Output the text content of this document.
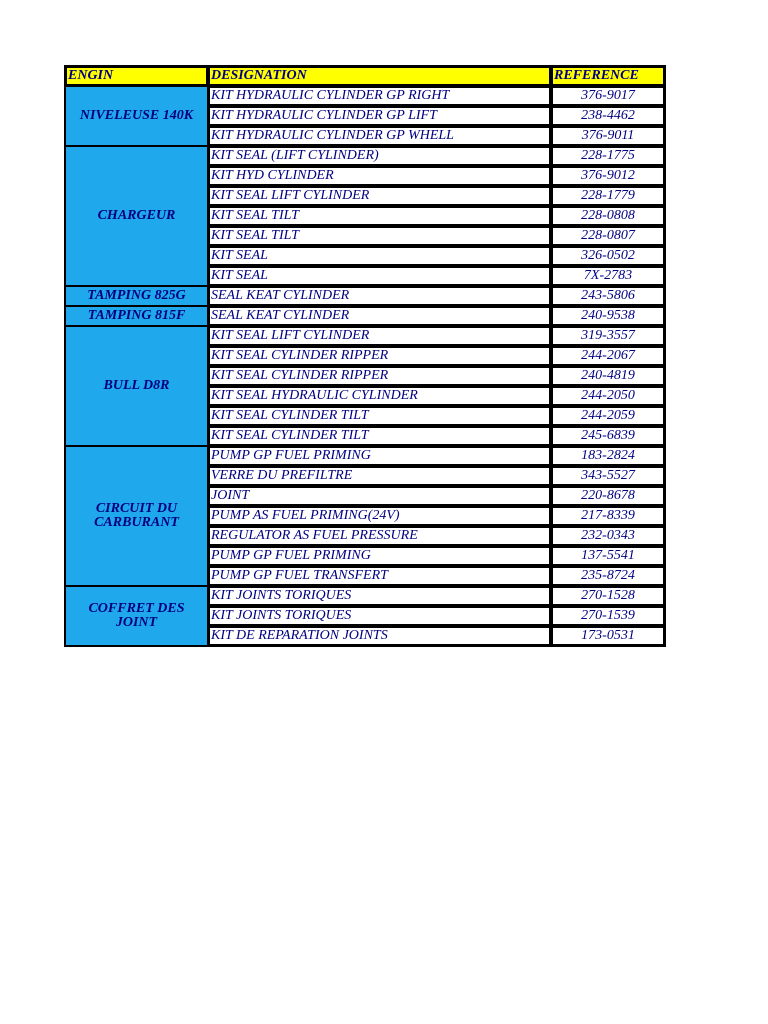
ENGIN	DESIGNATION	REFERENCE
NIVELEUSE 140K	KIT HYDRAULIC CYLINDER GP RIGHT	376-9017
	KIT HYDRAULIC CYLINDER GP LIFT	238-4462
	KIT HYDRAULIC CYLINDER GP WHELL	376-9011
CHARGEUR	KIT SEAL (LIFT CYLINDER)	228-1775
	KIT HYD CYLINDER	376-9012
	KIT SEAL LIFT CYLINDER	228-1779
	KIT SEAL TILT	228-0808
	KIT SEAL TILT	228-0807
	KIT SEAL	326-0502
	KIT SEAL	7X-2783
TAMPING 825G	SEAL KEAT CYLINDER	243-5806
TAMPING 815F	SEAL KEAT CYLINDER	240-9538
BULL D8R	KIT SEAL LIFT CYLINDER	319-3557
	KIT SEAL CYLINDER RIPPER	244-2067
	KIT SEAL CYLINDER RIPPER	240-4819
	KIT SEAL HYDRAULIC CYLINDER	244-2050
	KIT SEAL CYLINDER TILT	244-2059
	KIT SEAL CYLINDER TILT	245-6839
CIRCUIT DU CARBURANT	PUMP GP FUEL PRIMING	183-2824
	VERRE DU PREFILTRE	343-5527
	JOINT	220-8678
	PUMP AS FUEL PRIMING(24V)	217-8339
	REGULATOR AS FUEL PRESSURE	232-0343
	PUMP GP FUEL PRIMING	137-5541
	PUMP GP FUEL TRANSFERT	235-8724
COFFRET DES JOINT	KIT JOINTS TORIQUES	270-1528
	KIT JOINTS TORIQUES	270-1539
	KIT DE REPARATION JOINTS	173-0531
